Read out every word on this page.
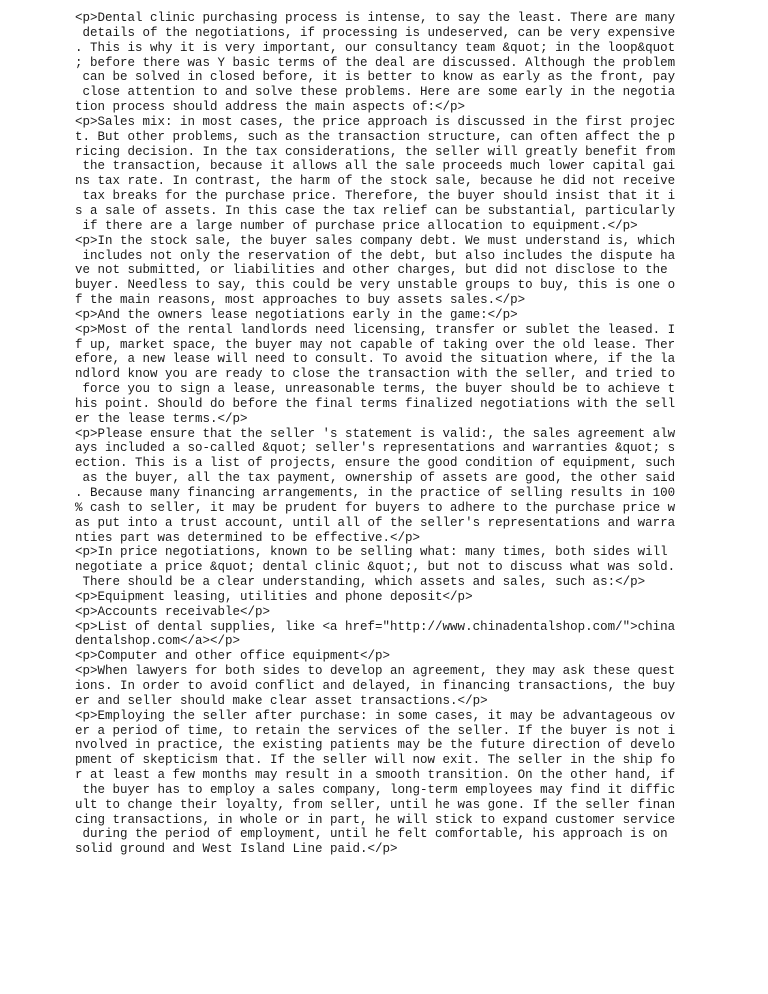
<p>Dental clinic purchasing process is intense, to say the least. There are many
details of the negotiations, if processing is undeserved, can be very expensive
. This is why it is very important, our consultancy team &quot; in the loop&quot
; before there was Y basic terms of the deal are discussed. Although the problem
can be solved in closed before, it is better to know as early as the front, pay
close attention to and solve these problems. Here are some early in the negotia
tion process should address the main aspects of:</p>
<p>Sales mix: in most cases, the price approach is discussed in the first projec
t. But other problems, such as the transaction structure, can often affect the p
ricing decision. In the tax considerations, the seller will greatly benefit from
the transaction, because it allows all the sale proceeds much lower capital gai
ns tax rate. In contrast, the harm of the stock sale, because he did not receive
tax breaks for the purchase price. Therefore, the buyer should insist that it i
s a sale of assets. In this case the tax relief can be substantial, particularly
if there are a large number of purchase price allocation to equipment.</p>
<p>In the stock sale, the buyer sales company debt. We must understand is, which
includes not only the reservation of the debt, but also includes the dispute ha
ve not submitted, or liabilities and other charges, but did not disclose to the
buyer. Needless to say, this could be very unstable groups to buy, this is one o
f the main reasons, most approaches to buy assets sales.</p>
<p>And the owners lease negotiations early in the game:</p>
<p>Most of the rental landlords need licensing, transfer or sublet the leased. I
f up, market space, the buyer may not capable of taking over the old lease. Ther
efore, a new lease will need to consult. To avoid the situation where, if the la
ndlord know you are ready to close the transaction with the seller, and tried to
force you to sign a lease, unreasonable terms, the buyer should be to achieve t
his point. Should do before the final terms finalized negotiations with the sell
er the lease terms.</p>
<p>Please ensure that the seller 's statement is valid:, the sales agreement alw
ays included a so-called &quot; seller's representations and warranties &quot; s
ection. This is a list of projects, ensure the good condition of equipment, such
as the buyer, all the tax payment, ownership of assets are good, the other said
. Because many financing arrangements, in the practice of selling results in 100
% cash to seller, it may be prudent for buyers to adhere to the purchase price w
as put into a trust account, until all of the seller's representations and warra
nties part was determined to be effective.</p>
<p>In price negotiations, known to be selling what: many times, both sides will
negotiate a price &quot; dental clinic &quot;, but not to discuss what was sold.
There should be a clear understanding, which assets and sales, such as:</p>
<p>Equipment leasing, utilities and phone deposit</p>
<p>Accounts receivable</p>
<p>List of dental supplies, like <a href="http://www.chinadentalshop.com/">china
dentalshop.com</a></p>
<p>Computer and other office equipment</p>
<p>When lawyers for both sides to develop an agreement, they may ask these quest
ions. In order to avoid conflict and delayed, in financing transactions, the buy
er and seller should make clear asset transactions.</p>
<p>Employing the seller after purchase: in some cases, it may be advantageous ov
er a period of time, to retain the services of the seller. If the buyer is not i
nvolved in practice, the existing patients may be the future direction of develo
pment of skepticism that. If the seller will now exit. The seller in the ship fo
r at least a few months may result in a smooth transition. On the other hand, if
the buyer has to employ a sales company, long-term employees may find it diffic
ult to change their loyalty, from seller, until he was gone. If the seller finan
cing transactions, in whole or in part, he will stick to expand customer service
during the period of employment, until he felt comfortable, his approach is on
solid ground and West Island Line paid.</p>
